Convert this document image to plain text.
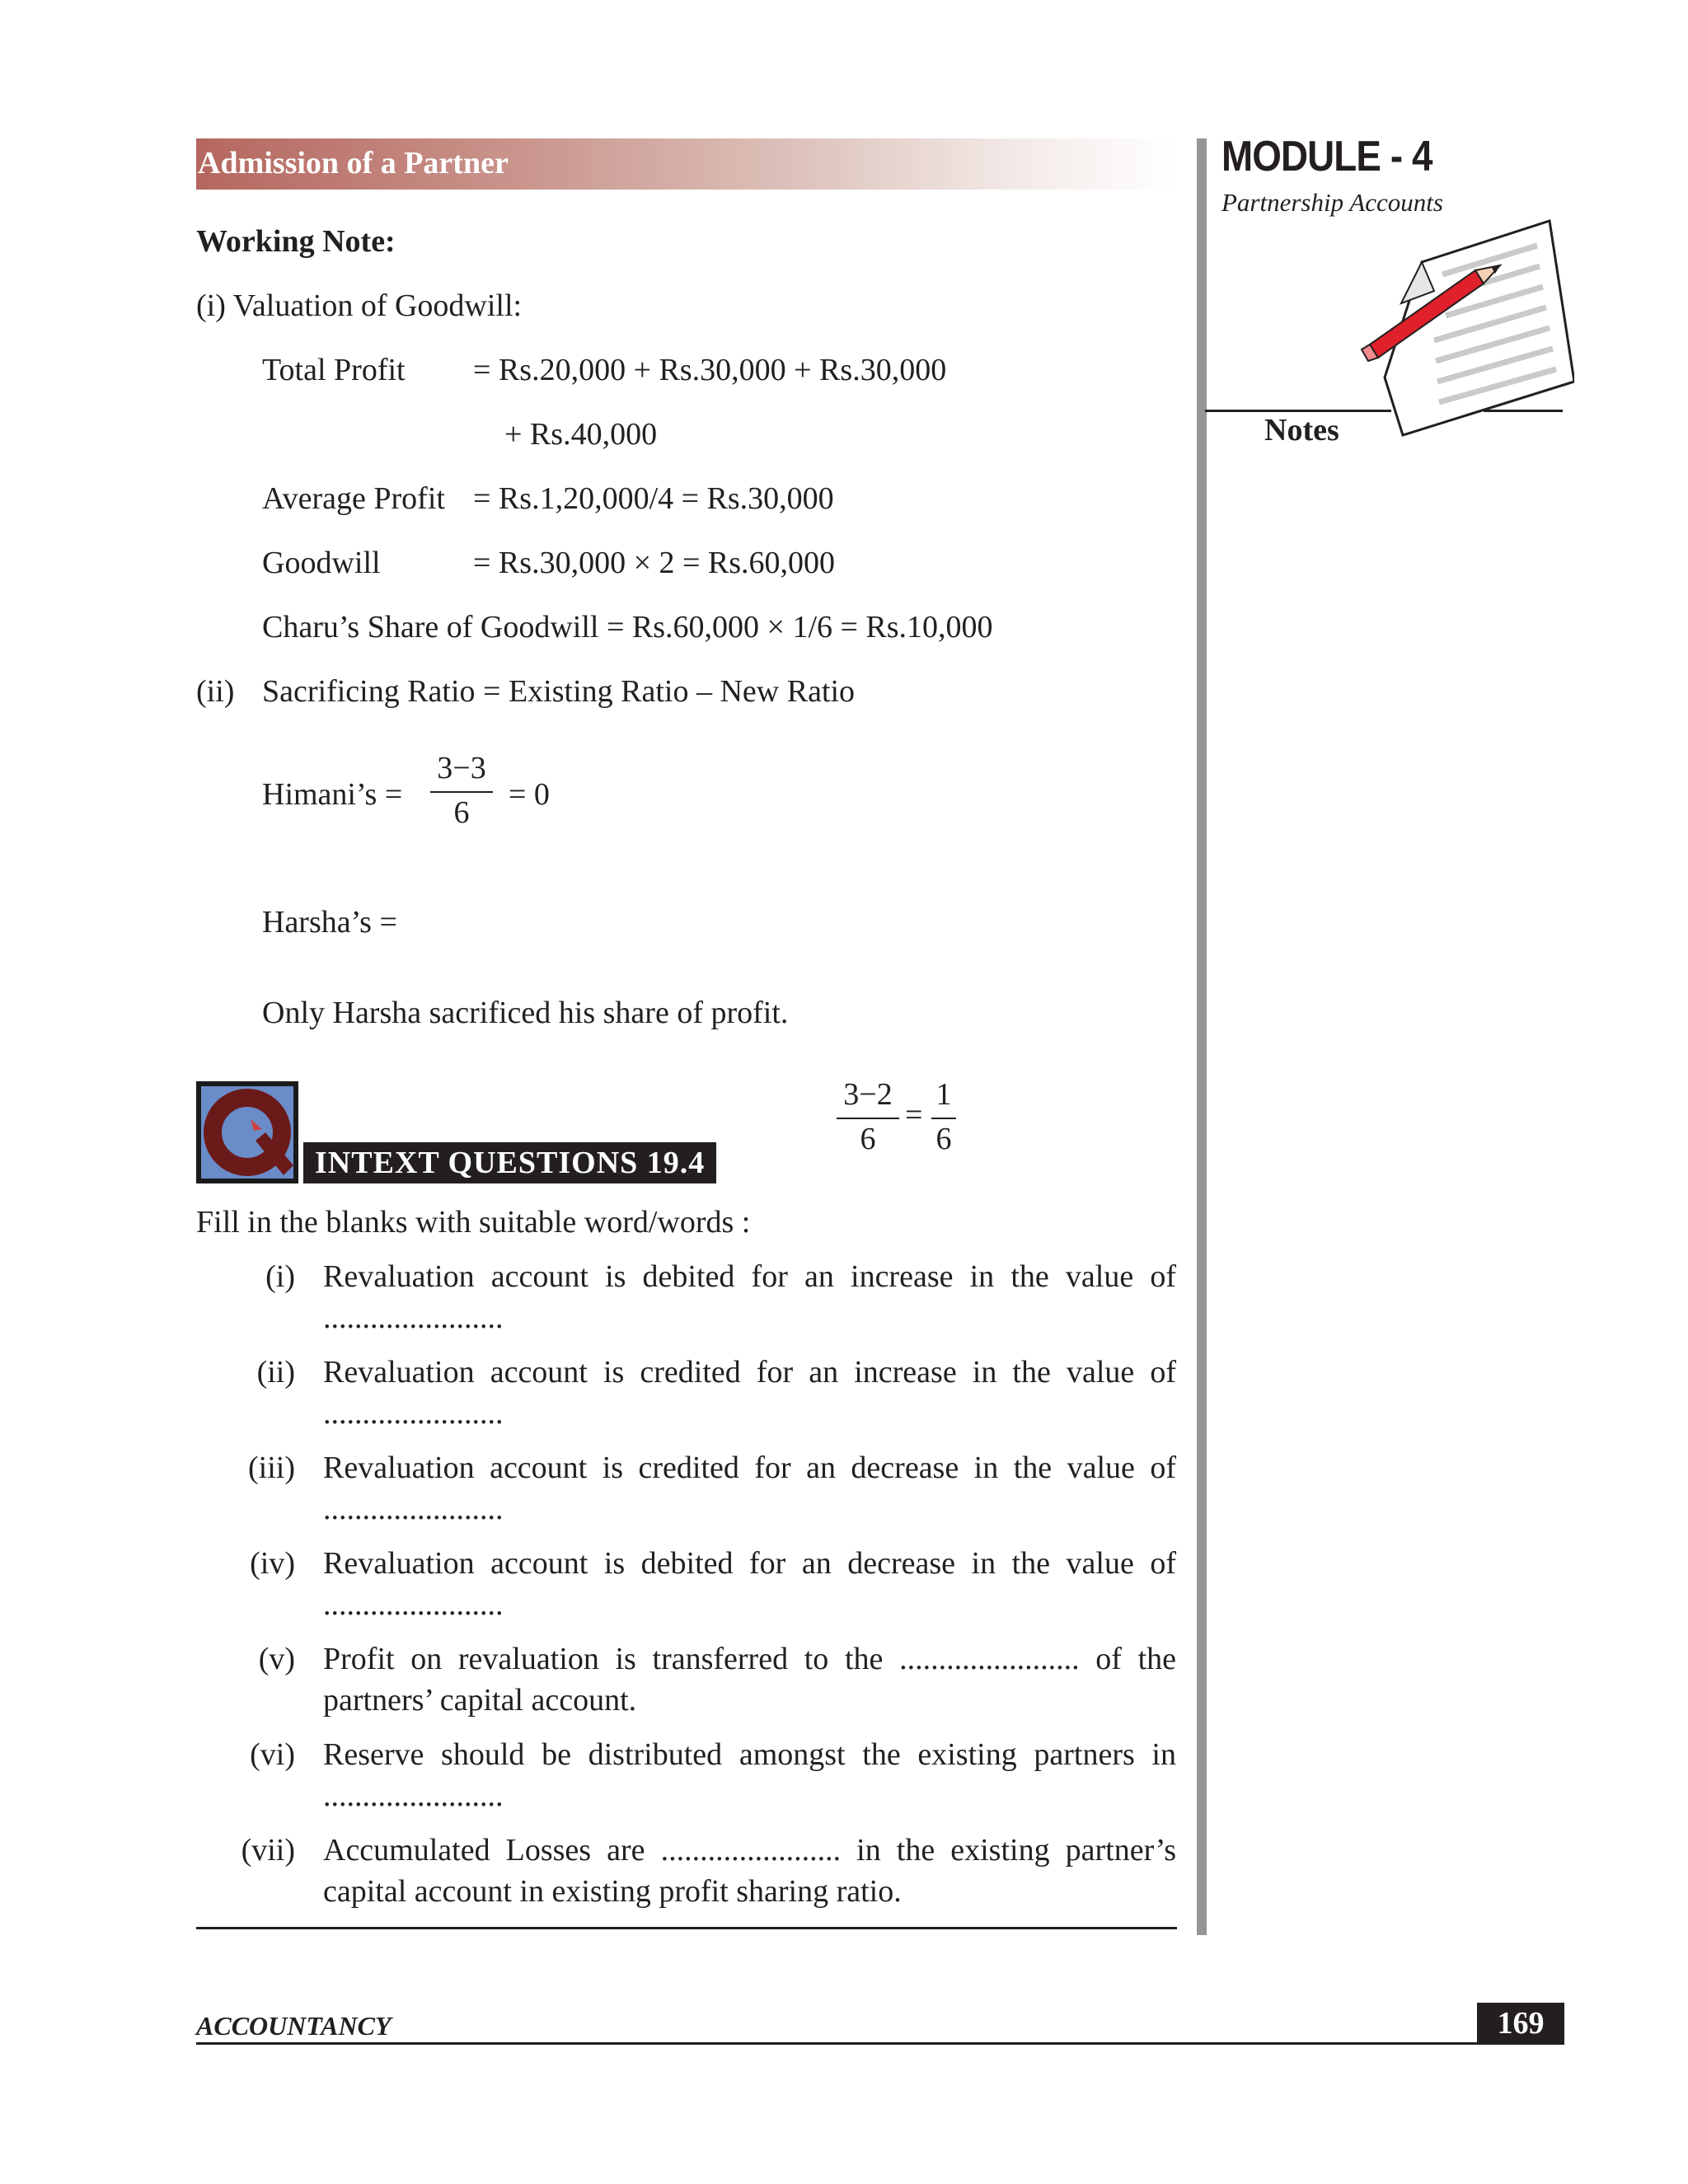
Admission of a Partner	MODULE - 4
Partnership Accounts
Notes
Working Note:
(i) Valuation of Goodwill:
Total Profit = Rs.20,000 + Rs.30,000 + Rs.30,000
+ Rs.40,000
Average Profit = Rs.1,20,000/4 = Rs.30,000
Goodwill	= Rs.30,000 × 2 = Rs.60,000
Charu’s Share of Goodwill = Rs.60,000 × 1/6 = Rs.10,000
(ii) Sacrificing Ratio = Existing Ratio – New Ratio
Himani’s =
3−3
6
= 0
Harsha’s =
Only Harsha sacrificed his share of profit.
3−2
6
=
1
6
INTEXT QUESTIONS 19.4
Fill in the blanks with suitable word/words :
(i) Revaluation account is debited for an increase in the value of
.......................
(ii) Revaluation account is credited for an increase in the value of
.......................
(iii) Revaluation account is credited for an decrease in the value of
.......................
(iv) Revaluation account is debited for an decrease in the value of
.......................
(v) Profit on revaluation is transferred to the ....................... of the
partners’ capital account.
(vi) Reserve should be distributed amongst the existing partners in
.......................
(vii) Accumulated Losses are ....................... in the existing partner’s
capital account in existing profit sharing ratio.
ACCOUNTANCY	169
